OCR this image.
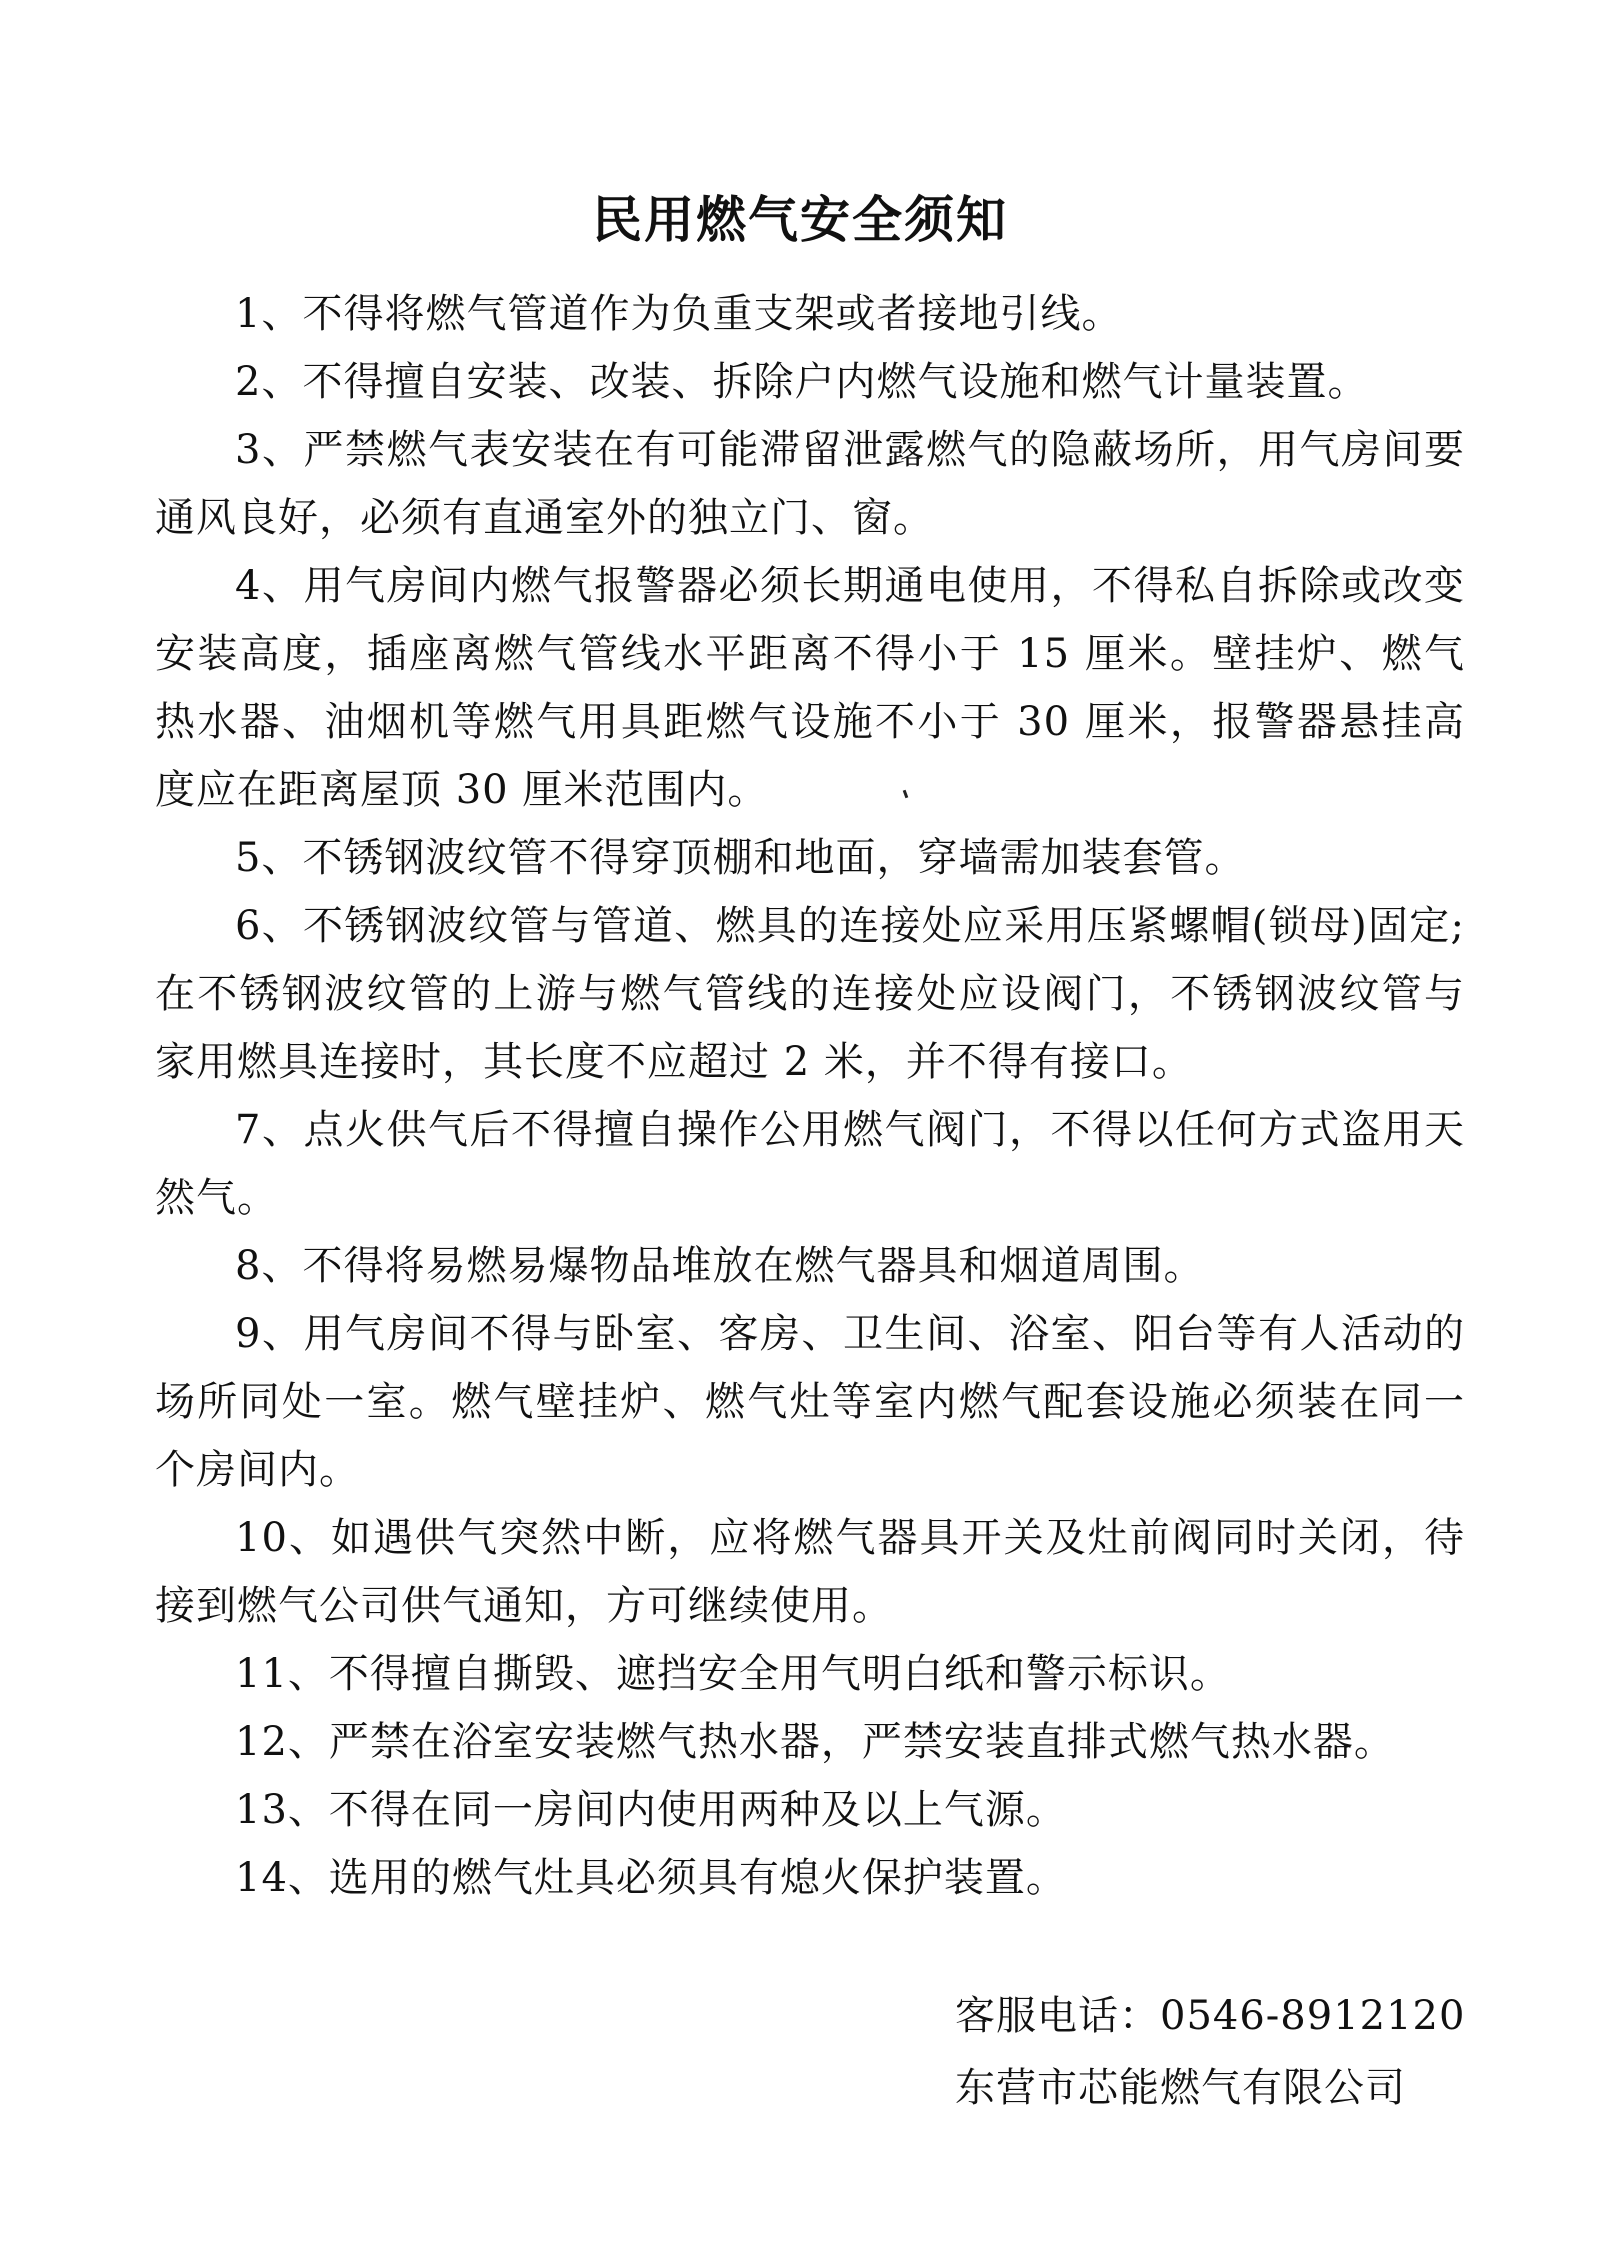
民用燃气安全须知

1、不得将燃气管道作为负重支架或者接地引线。

2、不得擅自安装、改装、拆除户内燃气设施和燃气计量装置。

3、严禁燃气表安装在有可能滞留泄露燃气的隐蔽场所，用气房间要通风良好，必须有直通室外的独立门、窗。

4、用气房间内燃气报警器必须长期通电使用，不得私自拆除或改变安装高度，插座离燃气管线水平距离不得小于 15 厘米。壁挂炉、燃气热水器、油烟机等燃气用具距燃气设施不小于 30 厘米，报警器悬挂高度应在距离屋顶 30 厘米范围内。

5、不锈钢波纹管不得穿顶棚和地面，穿墙需加装套管。

6、不锈钢波纹管与管道、燃具的连接处应采用压紧螺帽(锁母)固定;在不锈钢波纹管的上游与燃气管线的连接处应设阀门，不锈钢波纹管与家用燃具连接时，其长度不应超过 2 米，并不得有接口。

7、点火供气后不得擅自操作公用燃气阀门，不得以任何方式盗用天然气。

8、不得将易燃易爆物品堆放在燃气器具和烟道周围。

9、用气房间不得与卧室、客房、卫生间、浴室、阳台等有人活动的场所同处一室。燃气壁挂炉、燃气灶等室内燃气配套设施必须装在同一个房间内。

10、如遇供气突然中断，应将燃气器具开关及灶前阀同时关闭，待接到燃气公司供气通知，方可继续使用。

11、不得擅自撕毁、遮挡安全用气明白纸和警示标识。

12、严禁在浴室安装燃气热水器，严禁安装直排式燃气热水器。

13、不得在同一房间内使用两种及以上气源。

14、选用的燃气灶具必须具有熄火保护装置。

客服电话：0546-8912120
东营市芯能燃气有限公司
